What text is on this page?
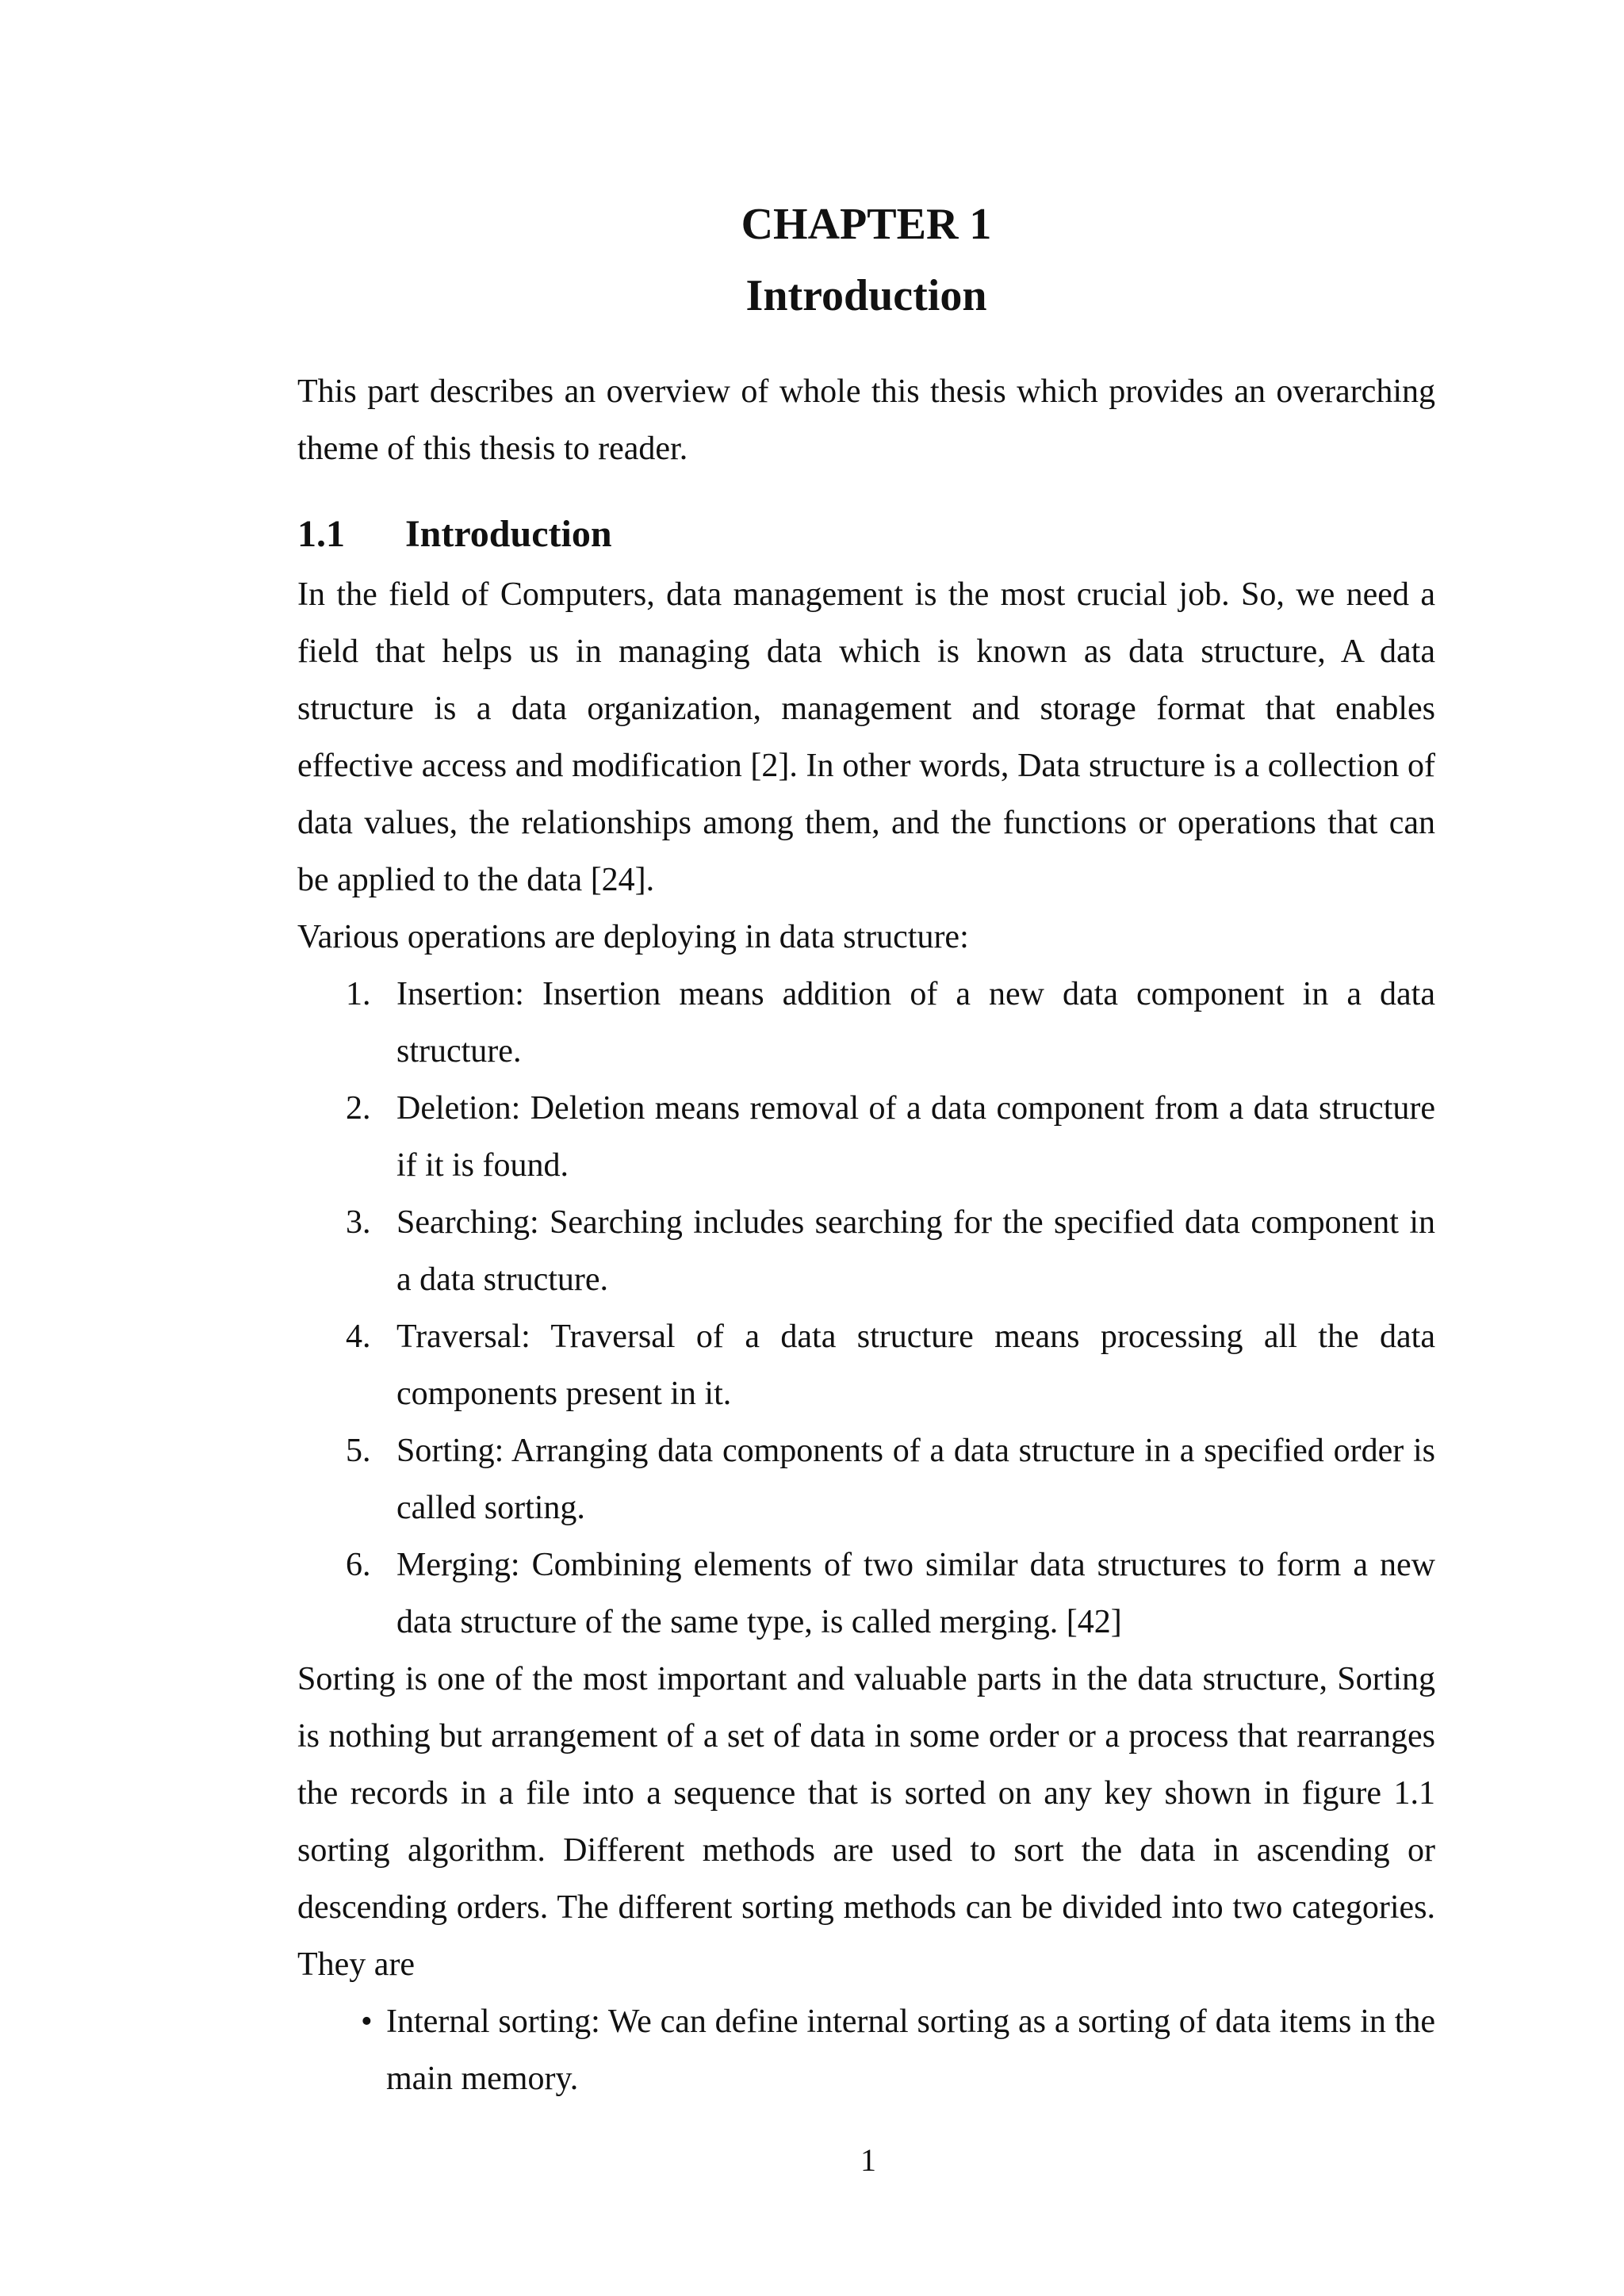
CHAPTER 1
Introduction

This part describes an overview of whole this thesis which provides an overarching theme of this thesis to reader.

1.1	Introduction

In the field of Computers, data management is the most crucial job. So, we need a field that helps us in managing data which is known as data structure, A data structure is a data organization, management and storage format that enables effective access and modification [2]. In other words, Data structure is a collection of data values, the relationships among them, and the functions or operations that can be applied to the data [24].

Various operations are deploying in data structure:

1. Insertion: Insertion means addition of a new data component in a data structure.
2. Deletion: Deletion means removal of a data component from a data structure if it is found.
3. Searching: Searching includes searching for the specified data component in a data structure.
4. Traversal: Traversal of a data structure means processing all the data components present in it.
5. Sorting: Arranging data components of a data structure in a specified order is called sorting.
6. Merging: Combining elements of two similar data structures to form a new data structure of the same type, is called merging. [42]

Sorting is one of the most important and valuable parts in the data structure, Sorting is nothing but arrangement of a set of data in some order or a process that rearranges the records in a file into a sequence that is sorted on any key shown in figure 1.1 sorting algorithm. Different methods are used to sort the data in ascending or descending orders. The different sorting methods can be divided into two categories. They are

• Internal sorting: We can define internal sorting as a sorting of data items in the main memory.
1
